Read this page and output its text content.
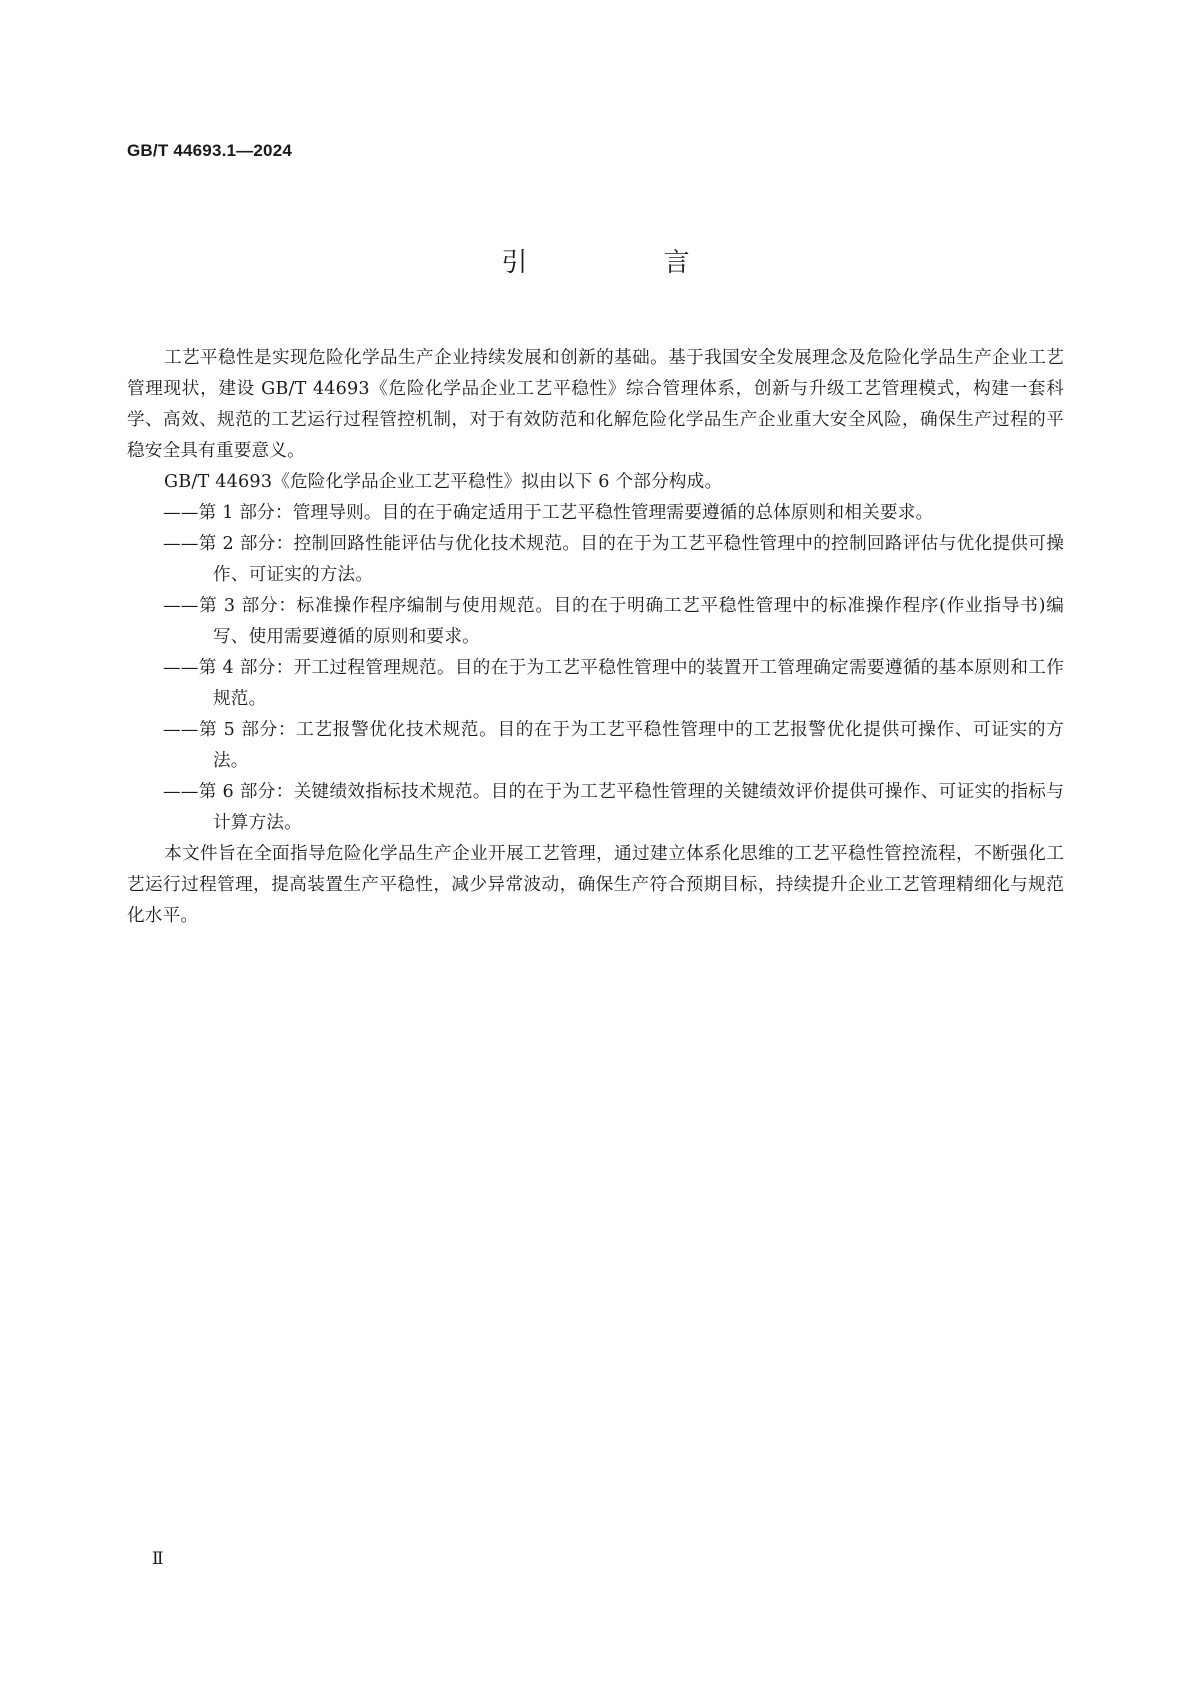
GB/T 44693.1—2024
引 言

工艺平稳性是实现危险化学品生产企业持续发展和创新的基础。基于我国安全发展理念及危险化学品生产企业工艺管理现状，建设 GB/T 44693《危险化学品企业工艺平稳性》综合管理体系，创新与升级工艺管理模式，构建一套科学、高效、规范的工艺运行过程管控机制，对于有效防范和化解危险化学品生产企业重大安全风险，确保生产过程的平稳安全具有重要意义。

GB/T 44693《危险化学品企业工艺平稳性》拟由以下 6 个部分构成。

——第 1 部分：管理导则。目的在于确定适用于工艺平稳性管理需要遵循的总体原则和相关要求。

——第 2 部分：控制回路性能评估与优化技术规范。目的在于为工艺平稳性管理中的控制回路评估与优化提供可操作、可证实的方法。

——第 3 部分：标准操作程序编制与使用规范。目的在于明确工艺平稳性管理中的标准操作程序(作业指导书)编写、使用需要遵循的原则和要求。

——第 4 部分：开工过程管理规范。目的在于为工艺平稳性管理中的装置开工管理确定需要遵循的基本原则和工作规范。

——第 5 部分：工艺报警优化技术规范。目的在于为工艺平稳性管理中的工艺报警优化提供可操作、可证实的方法。

——第 6 部分：关键绩效指标技术规范。目的在于为工艺平稳性管理的关键绩效评价提供可操作、可证实的指标与计算方法。

本文件旨在全面指导危险化学品生产企业开展工艺管理，通过建立体系化思维的工艺平稳性管控流程，不断强化工艺运行过程管理，提高装置生产平稳性，减少异常波动，确保生产符合预期目标，持续提升企业工艺管理精细化与规范化水平。

Ⅱ
